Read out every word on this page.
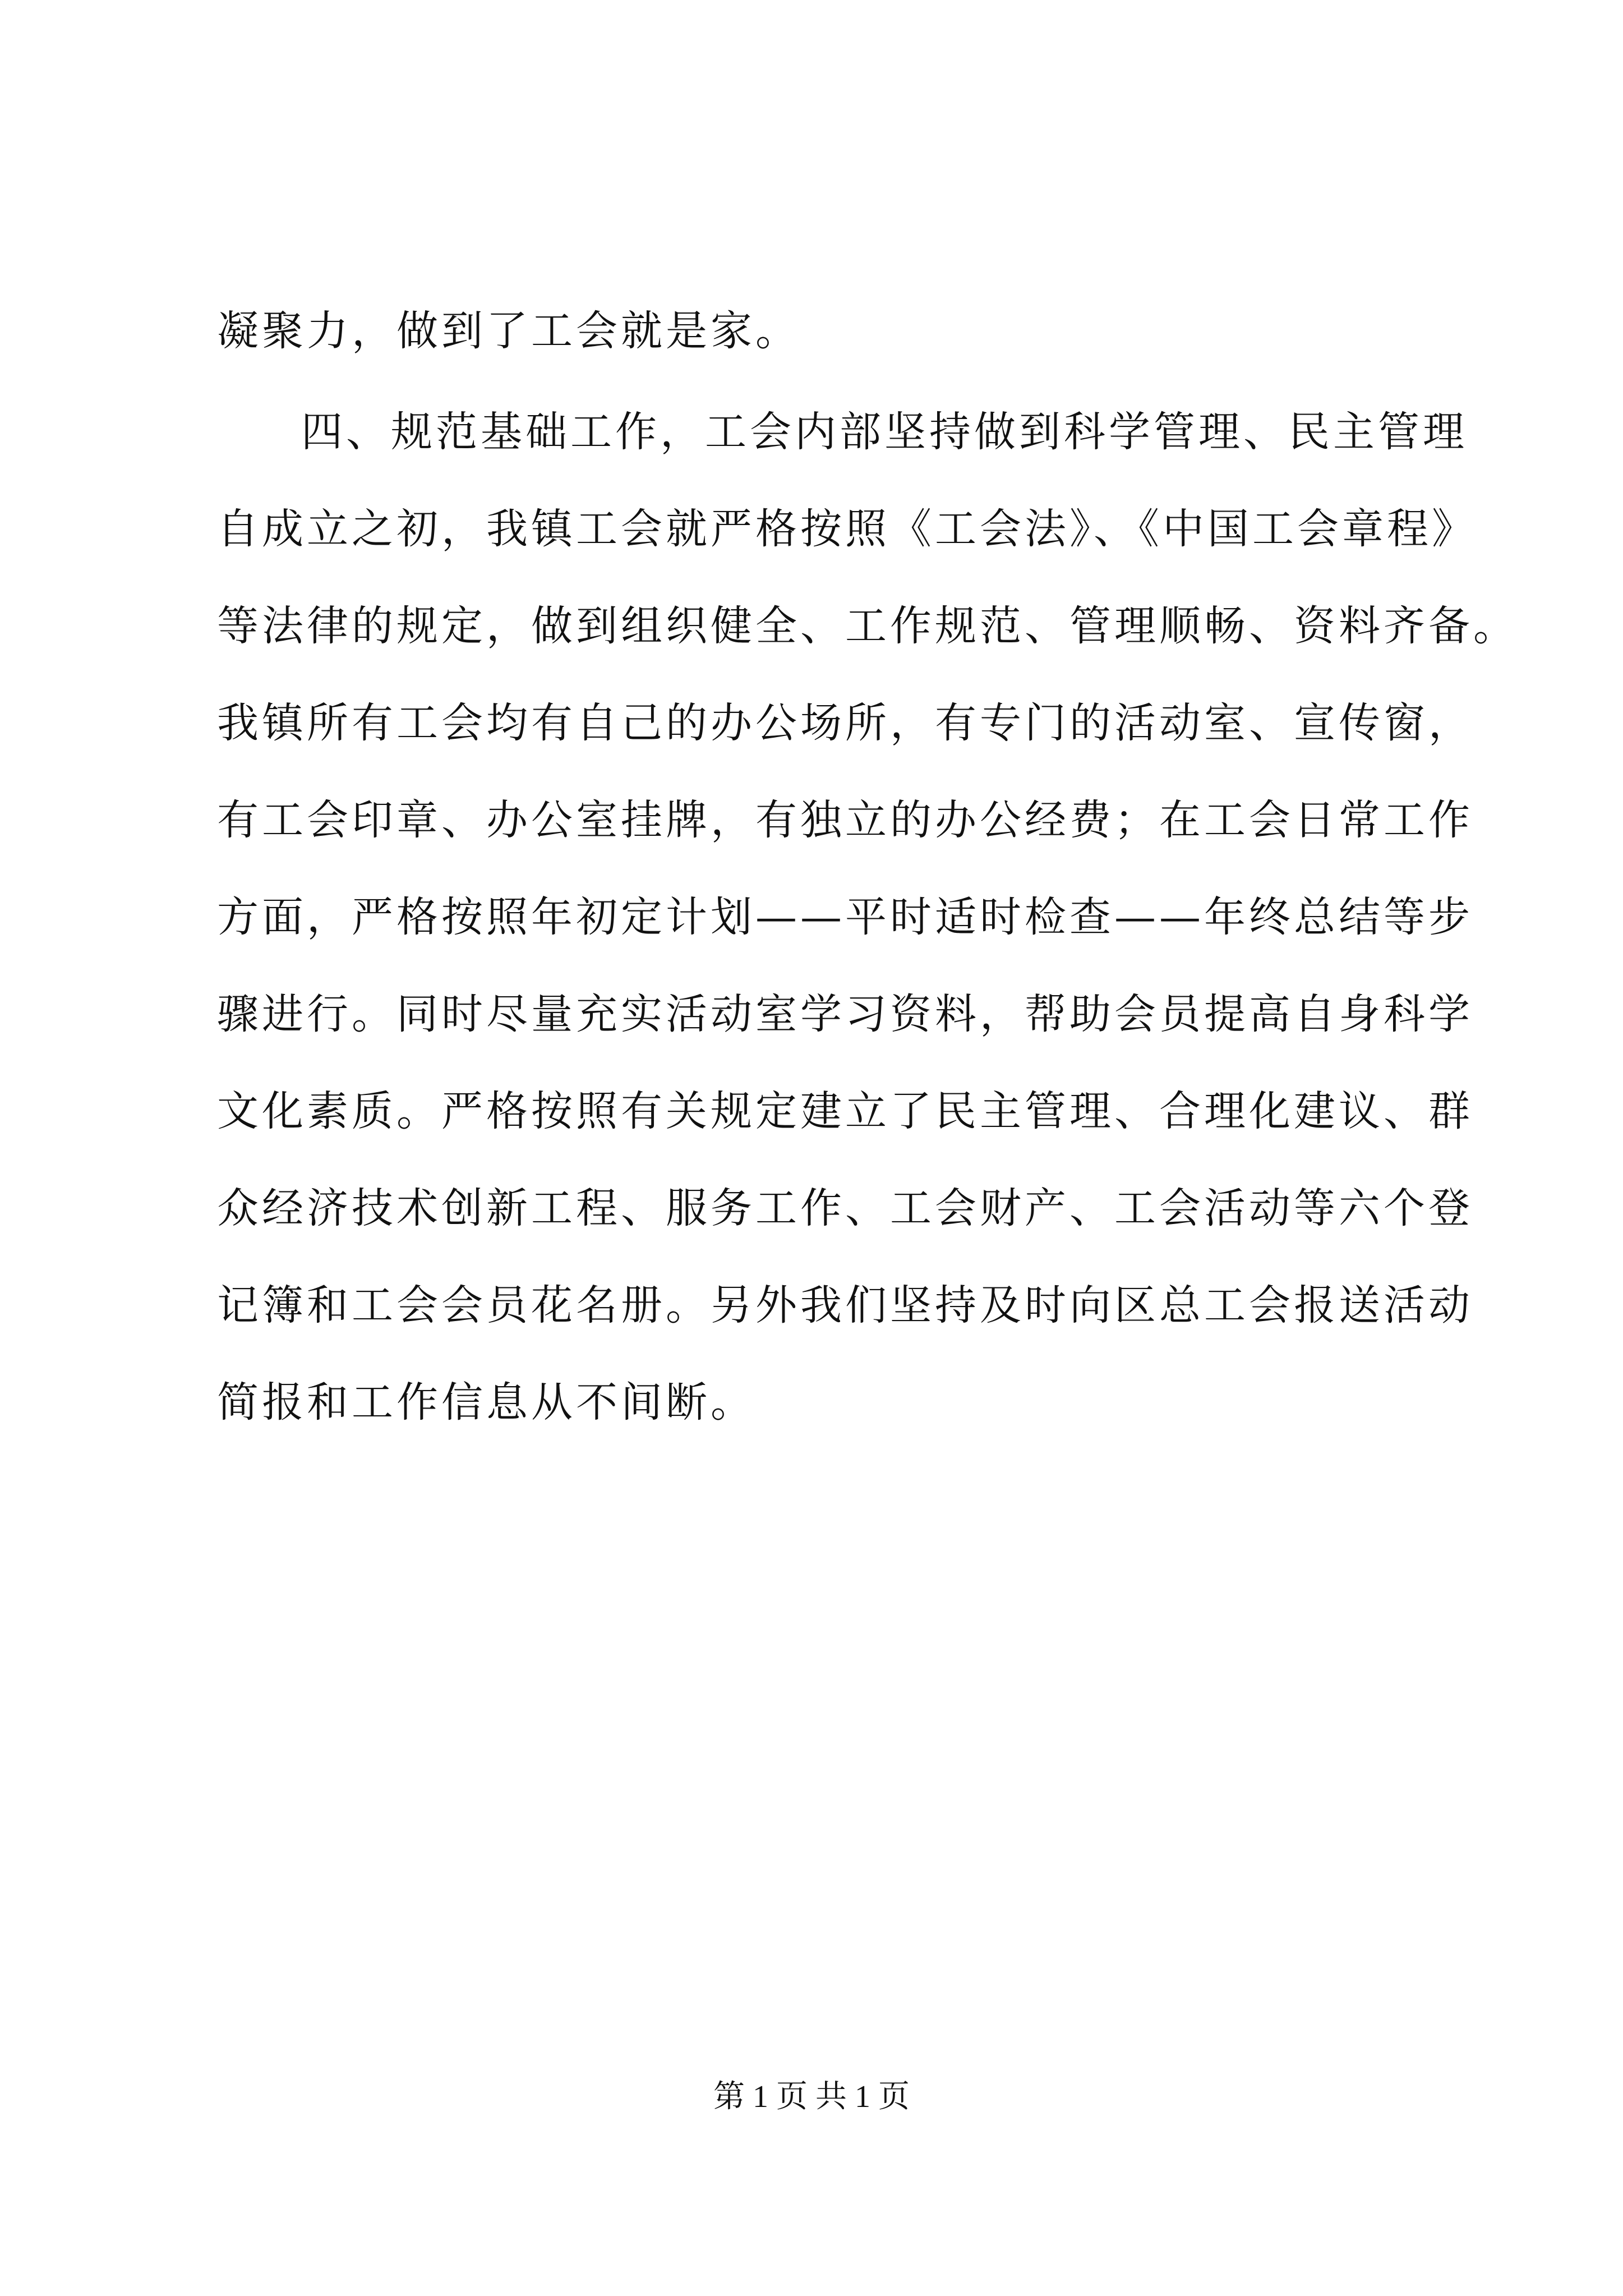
凝聚力，做到了工会就是家。
四、规范基础工作，工会内部坚持做到科学管理、民主管理
自成立之初，我镇工会就严格按照《工会法》、《中国工会章程》
等法律的规定，做到组织健全、工作规范、管理顺畅、资料齐备。
我镇所有工会均有自己的办公场所，有专门的活动室、宣传窗，
有工会印章、办公室挂牌，有独立的办公经费；在工会日常工作
方面，严格按照年初定计划——平时适时检查——年终总结等步
骤进行。同时尽量充实活动室学习资料，帮助会员提高自身科学
文化素质。严格按照有关规定建立了民主管理、合理化建议、群
众经济技术创新工程、服务工作、工会财产、工会活动等六个登
记簿和工会会员花名册。另外我们坚持及时向区总工会报送活动
简报和工作信息从不间断。
第 1 页 共 1 页
